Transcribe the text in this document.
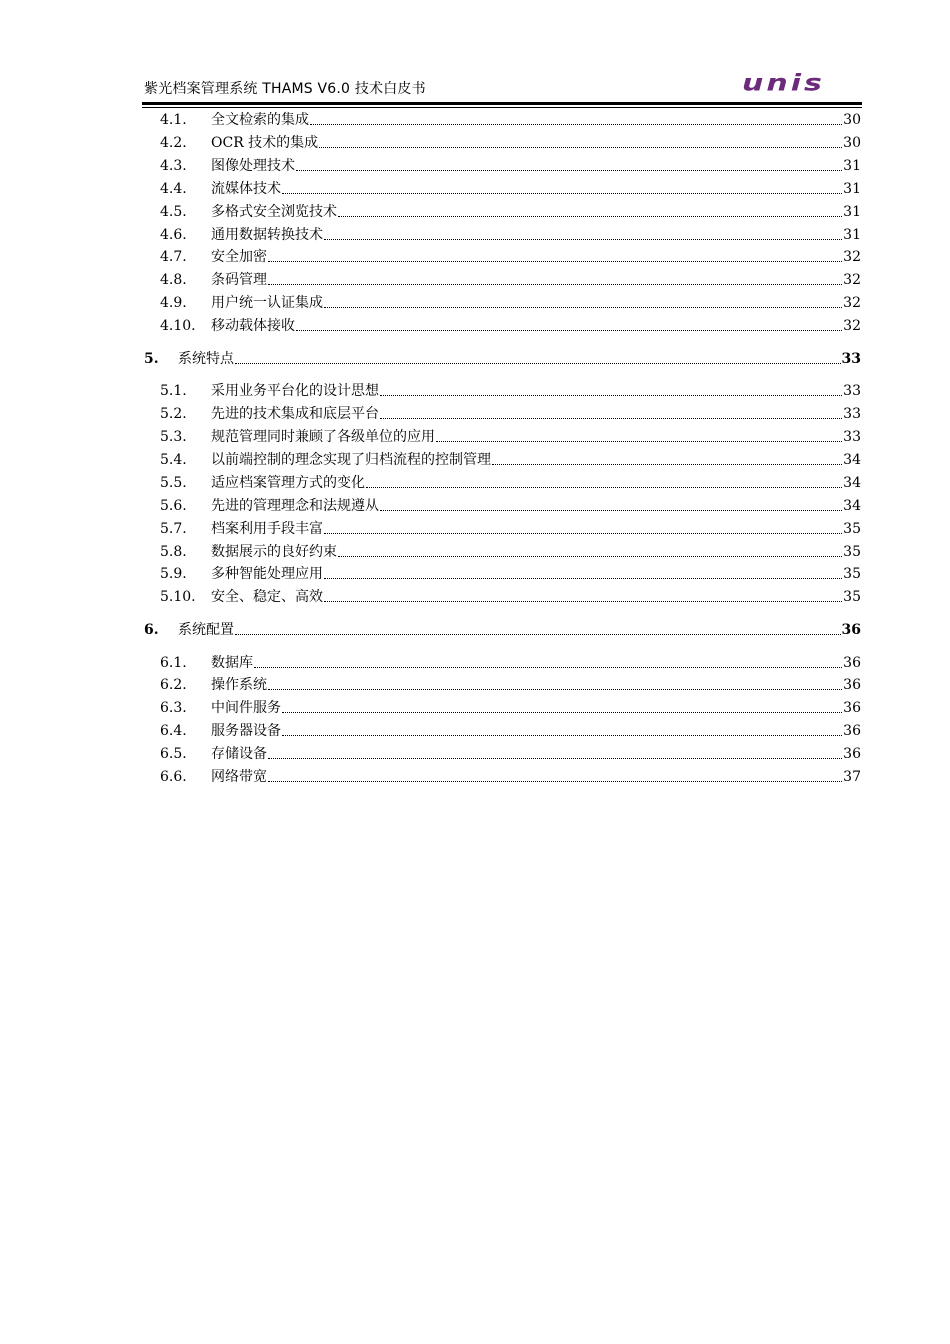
紫光档案管理系统 THAMS V6.0 技术白皮书	unis
4.1.	全文检索的集成	30
4.2.	OCR 技术的集成	30
4.3.	图像处理技术	31
4.4.	流媒体技术	31
4.5.	多格式安全浏览技术	31
4.6.	通用数据转换技术	31
4.7.	安全加密	32
4.8.	条码管理	32
4.9.	用户统一认证集成	32
4.10.	移动载体接收	32
5.	系统特点	33
5.1.	采用业务平台化的设计思想	33
5.2.	先进的技术集成和底层平台	33
5.3.	规范管理同时兼顾了各级单位的应用	33
5.4.	以前端控制的理念实现了归档流程的控制管理	34
5.5.	适应档案管理方式的变化	34
5.6.	先进的管理理念和法规遵从	34
5.7.	档案利用手段丰富	35
5.8.	数据展示的良好约束	35
5.9.	多种智能处理应用	35
5.10.	安全、稳定、高效	35
6.	系统配置	36
6.1.	数据库	36
6.2.	操作系统	36
6.3.	中间件服务	36
6.4.	服务器设备	36
6.5.	存储设备	36
6.6.	网络带宽	37
